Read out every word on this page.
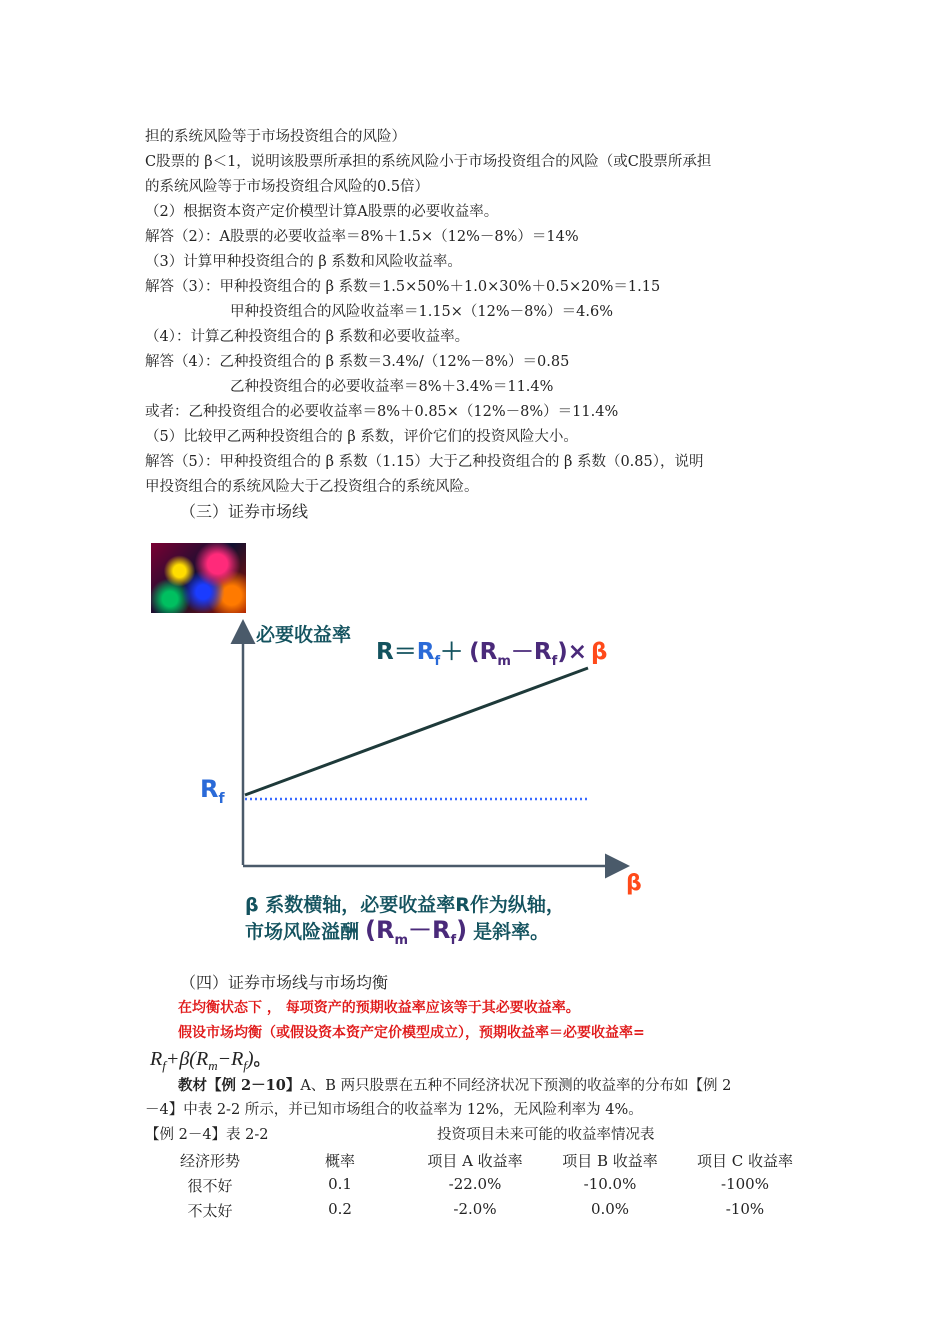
担的系统风险等于市场投资组合的风险）
C股票的 β＜1，说明该股票所承担的系统风险小于市场投资组合的风险（或C股票所承担
的系统风险等于市场投资组合风险的0.5倍）
（2）根据资本资产定价模型计算A股票的必要收益率。
解答（2）：A股票的必要收益率＝8%＋1.5×（12%－8%）＝14%
（3）计算甲种投资组合的 β 系数和风险收益率。
解答（3）：甲种投资组合的 β 系数＝1.5×50%＋1.0×30%＋0.5×20%＝1.15
甲种投资组合的风险收益率＝1.15×（12%－8%）＝4.6%
（4）：计算乙种投资组合的 β 系数和必要收益率。
解答（4）：乙种投资组合的 β 系数＝3.4%/（12%－8%）＝0.85
乙种投资组合的必要收益率＝8%＋3.4%＝11.4%
或者：乙种投资组合的必要收益率＝8%＋0.85×（12%－8%）＝11.4%
（5）比较甲乙两种投资组合的 β 系数，评价它们的投资风险大小。
解答（5）：甲种投资组合的 β 系数（1.15）大于乙种投资组合的 β 系数（0.85），说明
甲投资组合的系统风险大于乙投资组合的系统风险。
（三）证券市场线
必要收益率
$R=R_f+ (R_m-R_f)\times \beta$
$R_f$
β
β 系数横轴，必要收益率R作为纵轴，
市场风险溢酬 $(R_m-R_f)$ 是斜率。
（四）证券市场线与市场均衡
在均衡状态下 ， 每项资产的预期收益率应该等于其必要收益率。
假设市场均衡（或假设资本资产定价模型成立），预期收益率＝必要收益率=
$R_f+\beta(R_m-R_f)$。
教材【例 2－10】A、B 两只股票在五种不同经济状况下预测的收益率的分布如【例 2
－4】中表 2-2 所示，并已知市场组合的收益率为 12%，无风险利率为 4%。
【例 2－4】表 2-2	投资项目未来可能的收益率情况表
经济形势	概率	项目 A 收益率	项目 B 收益率	项目 C 收益率
很不好	0.1	-22.0%	-10.0%	-100%
不太好	0.2	-2.0%	0.0%	-10%
